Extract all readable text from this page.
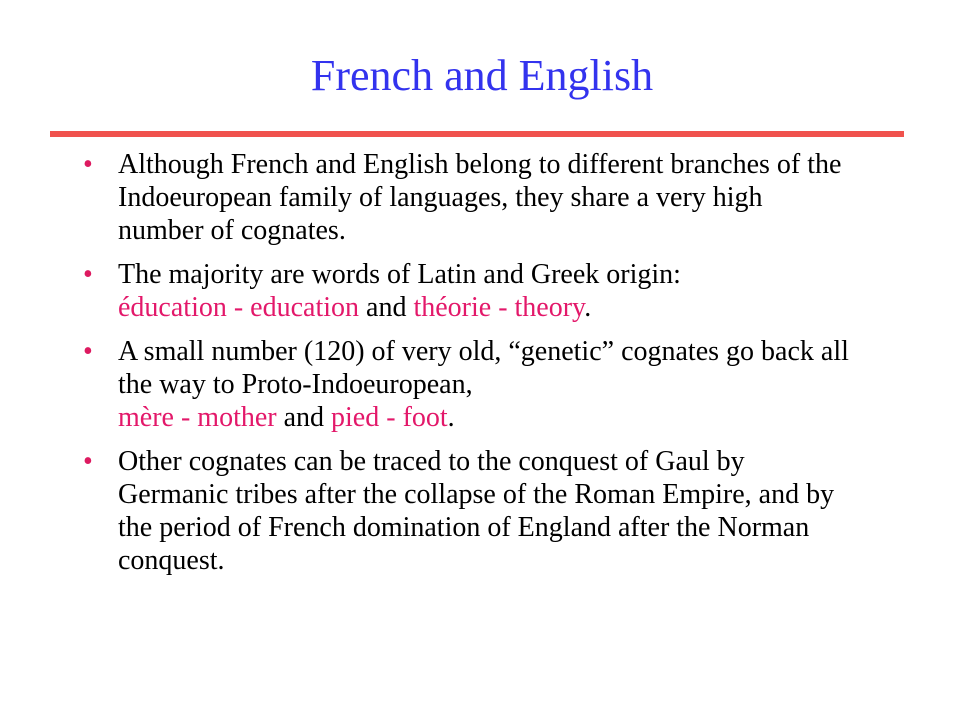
French and English
• Although French and English belong to different branches of the Indoeuropean family of languages, they share a very high number of cognates.
• The majority are words of Latin and Greek origin:
éducation - education and théorie - theory.
• A small number (120) of very old, “genetic” cognates go back all the way to Proto-Indoeuropean,
mère - mother and pied - foot.
• Other cognates can be traced to the conquest of Gaul by Germanic tribes after the collapse of the Roman Empire, and by the period of French domination of England after the Norman conquest.
